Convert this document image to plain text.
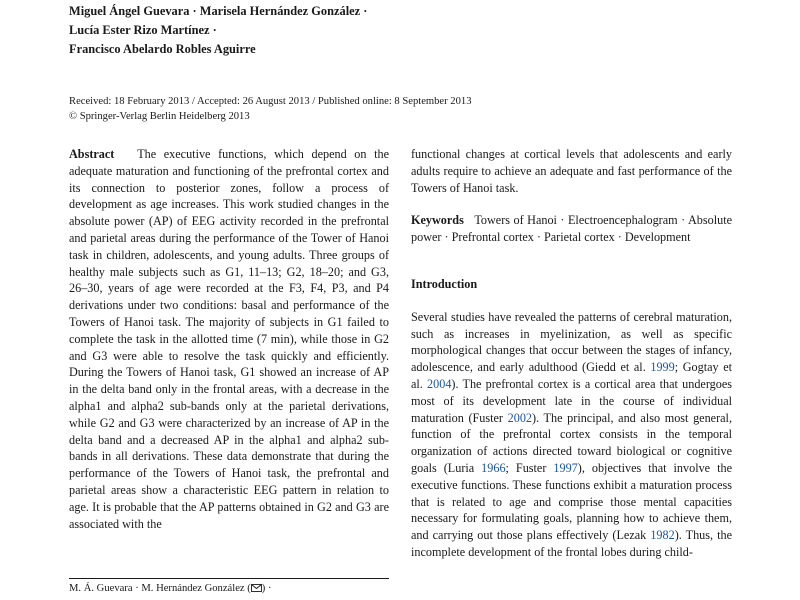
Miguel Ángel Guevara · Marisela Hernández González ·
Lucía Ester Rizo Martínez ·
Francisco Abelardo Robles Aguirre
Received: 18 February 2013 / Accepted: 26 August 2013 / Published online: 8 September 2013
© Springer-Verlag Berlin Heidelberg 2013

Abstract The executive functions, which depend on the adequate maturation and functioning of the prefrontal cortex and its connection to posterior zones, follow a process of development as age increases. This work studied changes in the absolute power (AP) of EEG activity recorded in the prefrontal and parietal areas during the performance of the Tower of Hanoi task in children, adolescents, and young adults. Three groups of healthy male subjects such as G1, 11–13; G2, 18–20; and G3, 26–30, years of age were recorded at the F3, F4, P3, and P4 derivations under two conditions: basal and performance of the Towers of Hanoi task. The majority of subjects in G1 failed to complete the task in the allotted time (7 min), while those in G2 and G3 were able to resolve the task quickly and efficiently. During the Towers of Hanoi task, G1 showed an increase of AP in the delta band only in the frontal areas, with a decrease in the alpha1 and alpha2 sub-bands only at the parietal derivations, while G2 and G3 were characterized by an increase of AP in the delta band and a decreased AP in the alpha1 and alpha2 sub-bands in all derivations. These data demonstrate that during the performance of the Towers of Hanoi task, the prefrontal and parietal areas show a characteristic EEG pattern in relation to age. It is probable that the AP patterns obtained in G2 and G3 are associated with the

functional changes at cortical levels that adolescents and early adults require to achieve an adequate and fast performance of the Towers of Hanoi task.

Keywords Towers of Hanoi · Electroencephalogram · Absolute power · Prefrontal cortex · Parietal cortex · Development

Introduction

Several studies have revealed the patterns of cerebral maturation, such as increases in myelinization, as well as specific morphological changes that occur between the stages of infancy, adolescence, and early adulthood (Giedd et al. 1999; Gogtay et al. 2004). The prefrontal cortex is a cortical area that undergoes most of its development late in the course of individual maturation (Fuster 2002). The principal, and also most general, function of the prefrontal cortex consists in the temporal organization of actions directed toward biological or cognitive goals (Luria 1966; Fuster 1997), objectives that involve the executive functions. These functions exhibit a maturation process that is related to age and comprise those mental capacities necessary for formulating goals, planning how to achieve them, and carrying out those plans effectively (Lezak 1982). Thus, the incomplete development of the frontal lobes during child-

M. Á. Guevara · M. Hernández González ( ) ·
